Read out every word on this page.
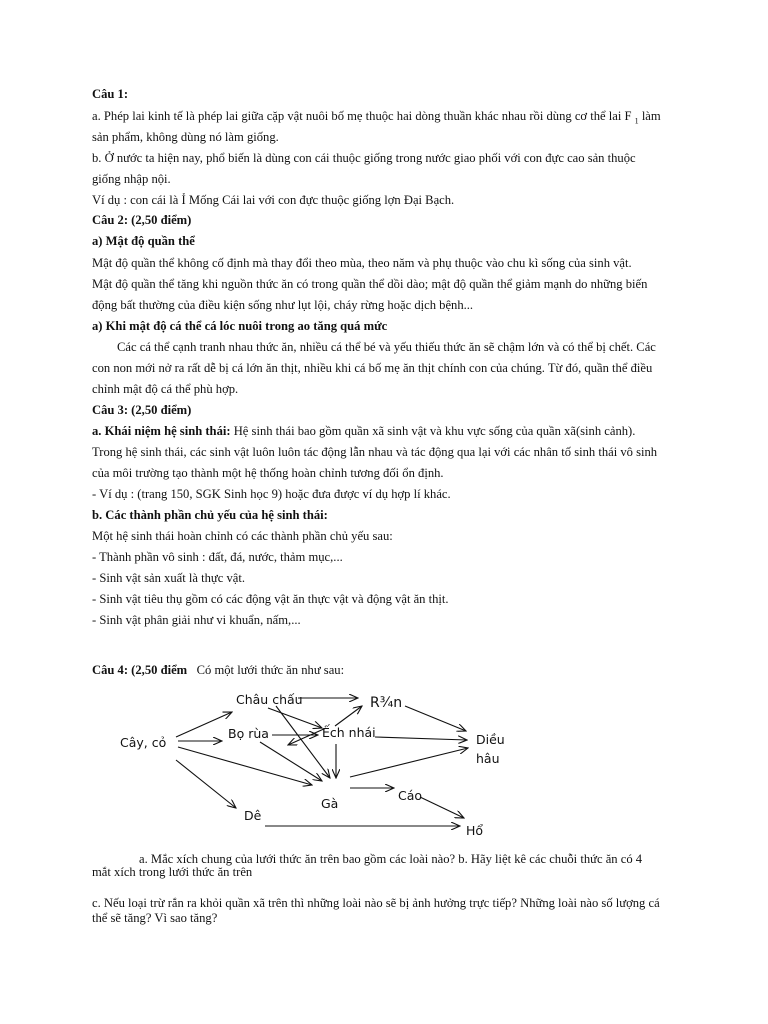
Câu 1:
a. Phép lai kinh tế là phép lai giữa cặp vật nuôi bố mẹ thuộc hai dòng thuần khác nhau rồi dùng cơ thể lai F $_1$ làm
sản phẩm, không dùng nó làm giống.
b. Ở nước ta hiện nay, phổ biến là dùng con cái thuộc giống trong nước giao phối với con đực cao sản thuộc
giống nhập nội.
Ví dụ : con cái là Ỉ Mống Cái lai với con đực thuộc giống lợn Đại Bạch.
Câu 2: (2,50 điểm)
a) Mật độ quần thể
Mật độ quần thể không cố định mà thay đổi theo mùa, theo năm và phụ thuộc vào chu kì sống của sinh vật.
Mật độ quần thể tăng khi nguồn thức ăn có trong quần thể dồi dào; mật độ quần thể giảm mạnh do những biến
động bất thường của điều kiện sống như lụt lội, cháy rừng hoặc dịch bệnh...
a) Khi mật độ cá thể cá lóc nuôi trong ao tăng quá mức
Các cá thể cạnh tranh nhau thức ăn, nhiều cá thể bé và yếu thiếu thức ăn sẽ chậm lớn và có thể bị chết. Các
con non mới nở ra rất dễ bị cá lớn ăn thịt, nhiều khi cá bố mẹ ăn thịt chính con của chúng. Từ đó, quần thể điều
chỉnh mật độ cá thể phù hợp.
Câu 3: (2,50 điểm)
a. Khái niệm hệ sinh thái: Hệ sinh thái bao gồm quần xã sinh vật và khu vực sống của quần xã(sinh cảnh).
Trong hệ sinh thái, các sinh vật luôn luôn tác động lẫn nhau và tác động qua lại với các nhân tố sinh thái vô sinh
của môi trường tạo thành một hệ thống hoàn chỉnh tương đối ổn định.
- Ví dụ : (trang 150, SGK Sinh học 9) hoặc đưa được ví dụ hợp lí khác.
b. Các thành phần chủ yếu của hệ sinh thái:
Một hệ sinh thái hoàn chỉnh có các thành phần chủ yếu sau:
- Thành phần vô sinh : đất, đá, nước, thảm mục,...
- Sinh vật sản xuất là thực vật.
- Sinh vật tiêu thụ gồm có các động vật ăn thực vật và động vật ăn thịt.
- Sinh vật phân giải như vi khuẩn, nấm,...
Câu 4: (2,50 điểm Có một lưới thức ăn như sau:
Cây, cỏ
Châu chấu
Bọ rùa	Ếch nhái
R¾n
Diều
hâu
Gà
Cáo
Dê
Hổ
a. Mắc xích chung của lưới thức ăn trên bao gồm các loài nào? b. Hãy liệt kê các chuỗi thức ăn có 4
mắt xích trong lưới thức ăn trên
c. Nếu loại trừ rắn ra khỏi quần xã trên thì những loài nào sẽ bị ảnh hưởng trực tiếp? Những loài nào số lượng cá
thể sẽ tăng? Vì sao tăng?
